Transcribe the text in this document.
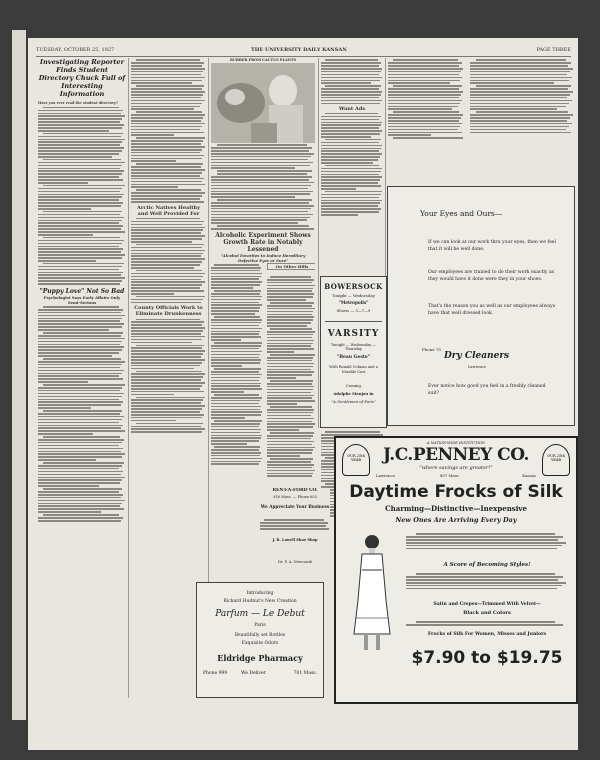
TUESDAY, OCTOBER 25, 1927	THE UNIVERSITY DAILY KANSAN	PAGE THREE
Investigating Reporter Finds Student Directory Chuck Full of Interesting Information
Have you ever read the student directory?
"Puppy Love" Not So Bad
Psychologist Says Early Affairs Only Semi-Serious
Arctic Natives Healthy and Well Provided For
County Officials Work to Eliminate Drunkenness
Introducing
Richard Hudnut's New Creation
Parfum — Le Debut
Paris
Beautifully set Bottles
Exquisite Odors
Eldridge Pharmacy
Phone 999	We Deliver	701 Mass.
RUBBER FROM CACTUS PLANTS
Alcoholic Experiment Shows Growth Rate in Notably Lessened
"Alcohol Favorites to Induce Hereditary Defective Eyes or Sure"
On Other Hills
Want Ads
BOWERSOCK
Tonight — Wednesday
"Metropolis"
Shows — 3—7—9
VARSITY
Tonight — Wednesday — Thursday
"Beau Geste"
With Ronald Colman and a Notable Cast
Coming
Adolphe Menjou in
"A Gentleman of Paris"
RENT-A-FORD CO.
916 Mass. — Phone 653
We Appreciate Your Business
J. B. Lowell Shoe Shop
Dr. F. A. Newcomb
Your Eyes and Ours—
If we can look at our work thru your eyes, then we feel that it will be well done.
Our employees are trained to do their work exactly as they would have it done were they in your shoes.
That's the reason you as well as our employees always have that well dressed look.
Phone 75
Dry Cleaners
Lawrence
Ever notice how good you feel in a freshly cleaned suit?
OUR 25th YEAR
OUR 25th YEAR
A NATION-WIDE INSTITUTION
J.C.PENNEY CO.
"where savings are greater!"
Lawrence	807 Mass.	Kansas
Daytime Frocks of Silk
Charming—Distinctive—Inexpensive
New Ones Are Arriving Every Day
A Score of Becoming Styles!
Satin and Crepes—Trimmed With Velvet—
Black and Colors
Frocks of Silk For Women, Misses and Juniors
$7.90 to $19.75
